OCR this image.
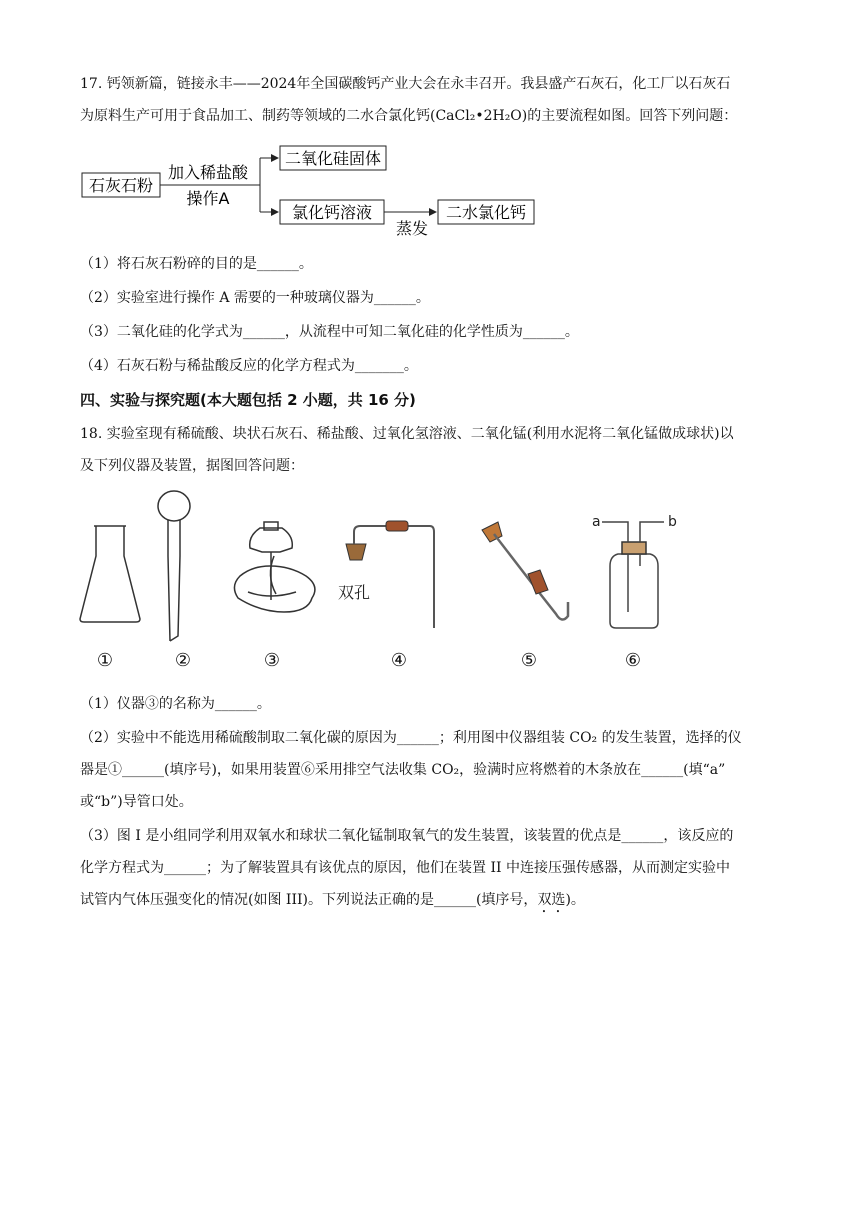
17. 钙领新篇，链接永丰——2024年全国碳酸钙产业大会在永丰召开。我县盛产石灰石，化工厂以石灰石

为原料生产可用于食品加工、制药等领域的二水合氯化钙(CaCl₂•2H₂O)的主要流程如图。回答下列问题：

石灰石粉
加入稀盐酸
操作A
二氧化硅固体
氯化钙溶液
蒸发
二水氯化钙

（1）将石灰石粉碎的目的是______。

（2）实验室进行操作 A 需要的一种玻璃仪器为______。

（3）二氧化硅的化学式为______，从流程中可知二氧化硅的化学性质为______。

（4）石灰石粉与稀盐酸反应的化学方程式为_______。

四、实验与探究题(本大题包括 2 小题，共 16 分)

18. 实验室现有稀硫酸、块状石灰石、稀盐酸、过氧化氢溶液、二氧化锰(利用水泥将二氧化锰做成球状)以

及下列仪器及装置，据图回答问题：

双孔
a	b
①	②	③	④	⑤	⑥

（1）仪器③的名称为______。

（2）实验中不能选用稀硫酸制取二氧化碳的原因为______；利用图中仪器组装 CO₂ 的发生装置，选择的仪

器是①______(填序号)，如果用装置⑥采用排空气法收集 CO₂，验满时应将燃着的木条放在______(填“a”

或“b”)导管口处。

（3）图 I 是小组同学利用双氧水和球状二氧化锰制取氧气的发生装置，该装置的优点是______，该反应的

化学方程式为______；为了解装置具有该优点的原因，他们在装置 II 中连接压强传感器，从而测定实验中

试管内气体压强变化的情况(如图 III)。下列说法正确的是______(填序号，双选)。
